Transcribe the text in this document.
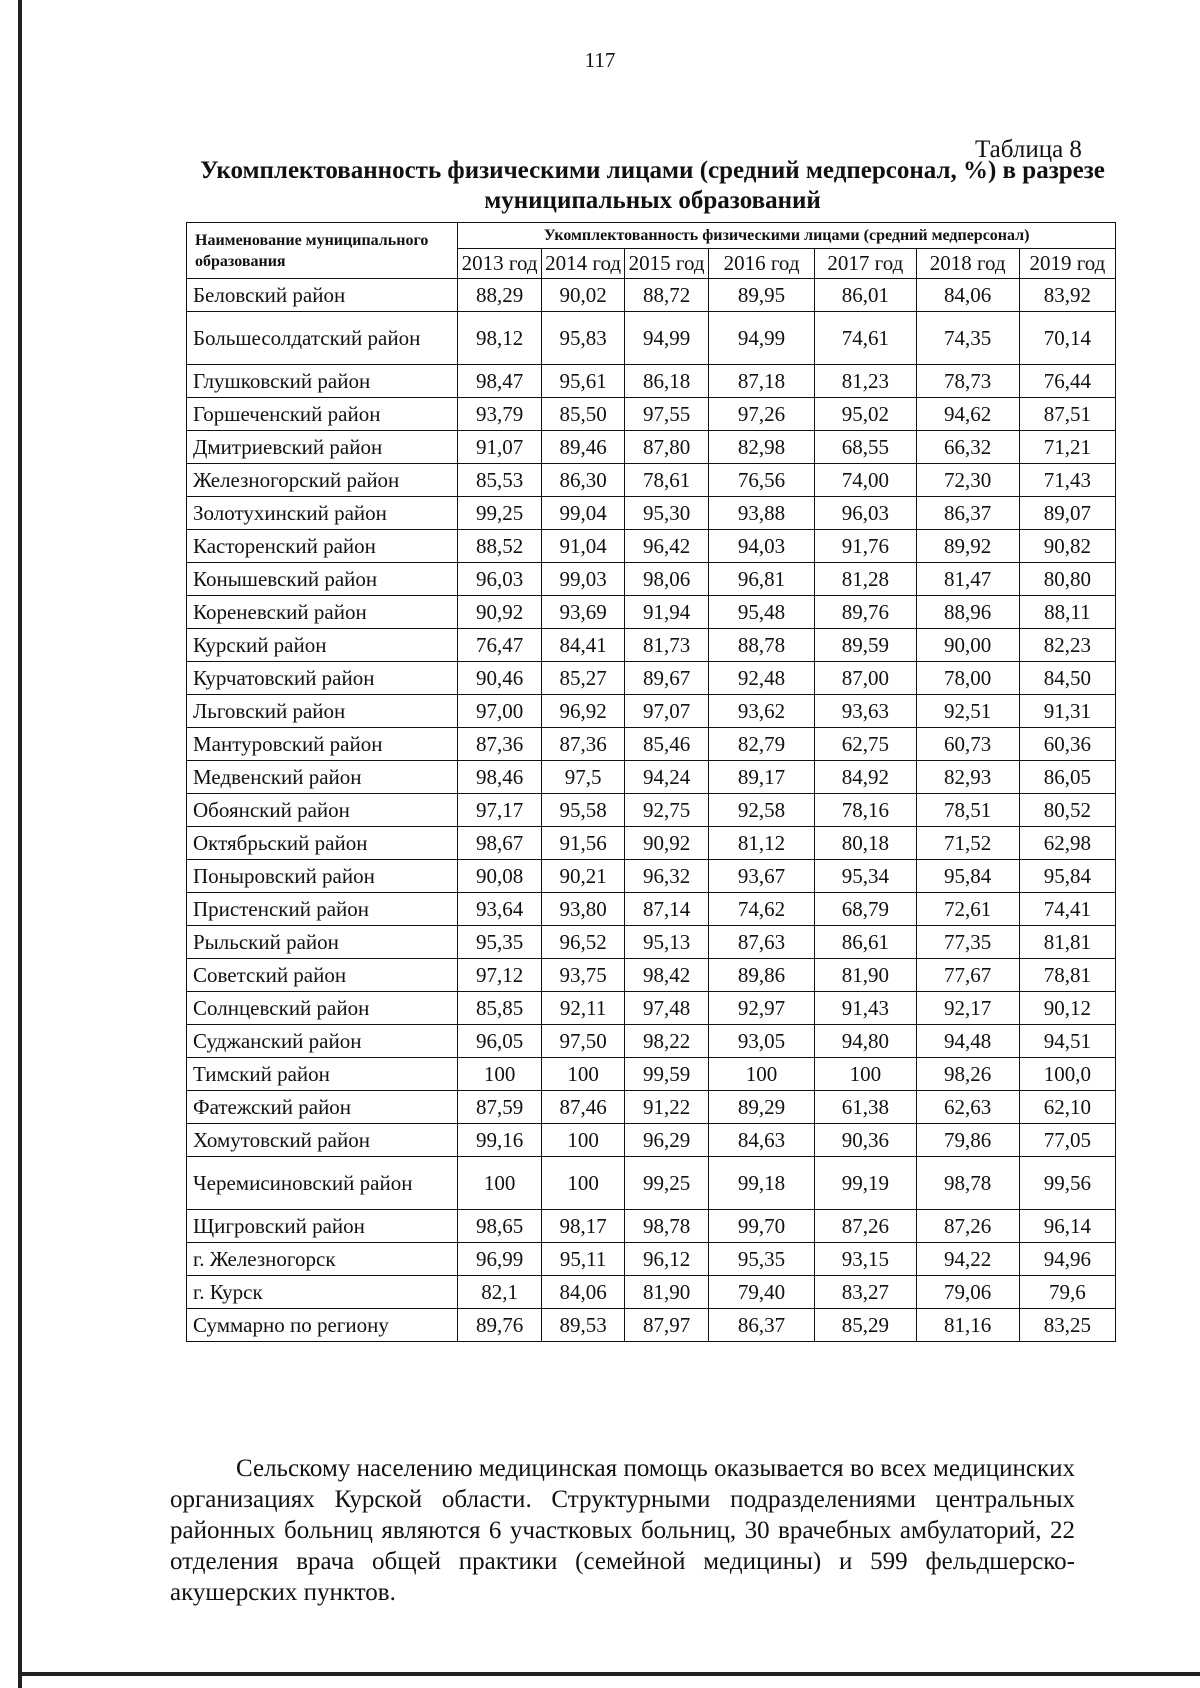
117
Таблица 8
Укомплектованность физическими лицами (средний медперсонал, %) в разрезе муниципальных образований
Наименование муниципального образования	Укомплектованность физическими лицами (средний медперсонал)						
	2013 год	2014 год	2015 год	2016 год	2017 год	2018 год	2019 год
Беловский район	88,29	90,02	88,72	89,95	86,01	84,06	83,92
Большесолдатский район	98,12	95,83	94,99	94,99	74,61	74,35	70,14
Глушковский район	98,47	95,61	86,18	87,18	81,23	78,73	76,44
Горшеченский район	93,79	85,50	97,55	97,26	95,02	94,62	87,51
Дмитриевский район	91,07	89,46	87,80	82,98	68,55	66,32	71,21
Железногорский район	85,53	86,30	78,61	76,56	74,00	72,30	71,43
Золотухинский район	99,25	99,04	95,30	93,88	96,03	86,37	89,07
Касторенский район	88,52	91,04	96,42	94,03	91,76	89,92	90,82
Конышевский район	96,03	99,03	98,06	96,81	81,28	81,47	80,80
Кореневский район	90,92	93,69	91,94	95,48	89,76	88,96	88,11
Курский район	76,47	84,41	81,73	88,78	89,59	90,00	82,23
Курчатовский район	90,46	85,27	89,67	92,48	87,00	78,00	84,50
Льговский район	97,00	96,92	97,07	93,62	93,63	92,51	91,31
Мантуровский район	87,36	87,36	85,46	82,79	62,75	60,73	60,36
Медвенский район	98,46	97,5	94,24	89,17	84,92	82,93	86,05
Обоянский район	97,17	95,58	92,75	92,58	78,16	78,51	80,52
Октябрьский район	98,67	91,56	90,92	81,12	80,18	71,52	62,98
Поныровский район	90,08	90,21	96,32	93,67	95,34	95,84	95,84
Пристенский район	93,64	93,80	87,14	74,62	68,79	72,61	74,41
Рыльский район	95,35	96,52	95,13	87,63	86,61	77,35	81,81
Советский район	97,12	93,75	98,42	89,86	81,90	77,67	78,81
Солнцевский район	85,85	92,11	97,48	92,97	91,43	92,17	90,12
Суджанский район	96,05	97,50	98,22	93,05	94,80	94,48	94,51
Тимский район	100	100	99,59	100	100	98,26	100,0
Фатежский район	87,59	87,46	91,22	89,29	61,38	62,63	62,10
Хомутовский район	99,16	100	96,29	84,63	90,36	79,86	77,05
Черемисиновский район	100	100	99,25	99,18	99,19	98,78	99,56
Щигровский район	98,65	98,17	98,78	99,70	87,26	87,26	96,14
г. Железногорск	96,99	95,11	96,12	95,35	93,15	94,22	94,96
г. Курск	82,1	84,06	81,90	79,40	83,27	79,06	79,6
Суммарно по региону	89,76	89,53	87,97	86,37	85,29	81,16	83,25

Сельскому населению медицинская помощь оказывается во всех медицинских организациях Курской области. Структурными подразделениями центральных районных больниц являются 6 участковых больниц, 30 врачебных амбулаторий, 22 отделения врача общей практики (семейной медицины) и 599 фельдшерско-акушерских пунктов.
